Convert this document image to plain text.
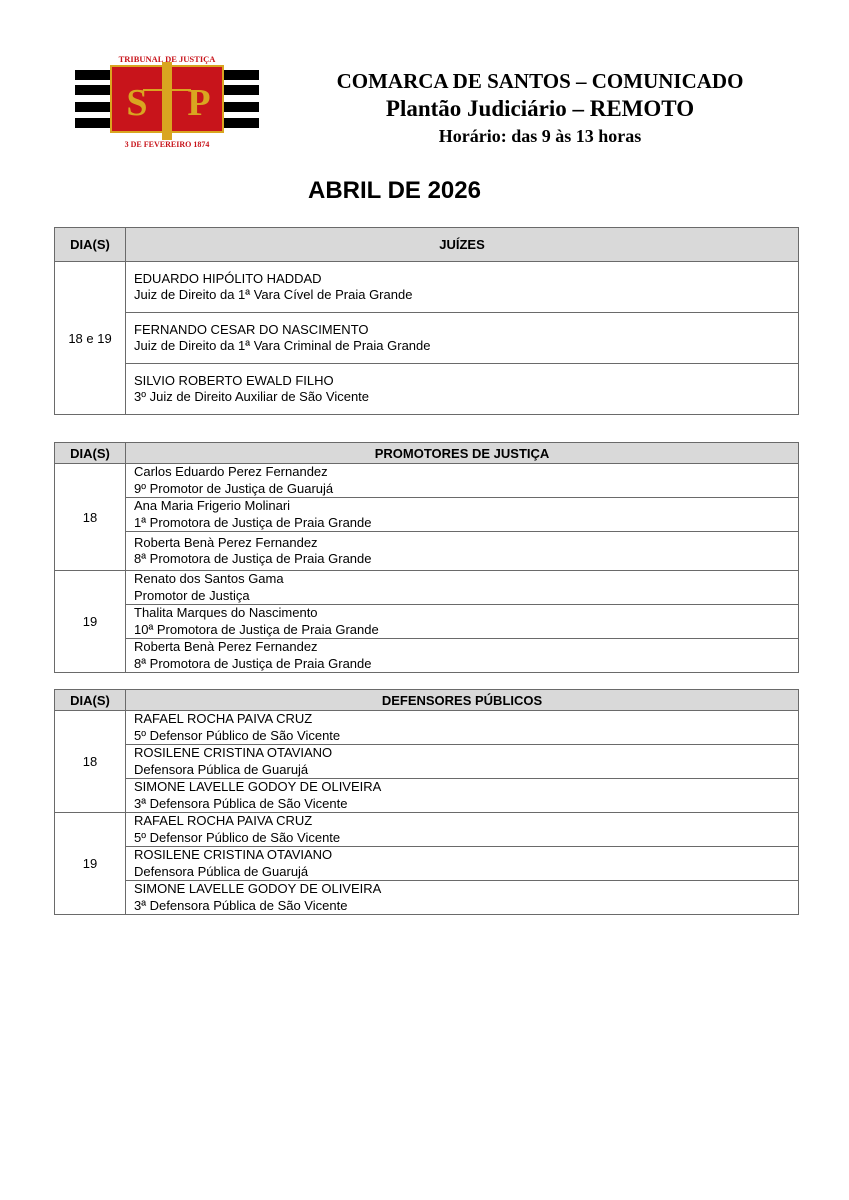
S P
TRIBUNAL DE JUSTIÇA
3 DE FEVEREIRO 1874
COMARCA DE SANTOS – COMUNICADO
Plantão Judiciário – REMOTO
Horário: das 9 às 13 horas
ABRIL DE 2026
DIA(S)	JUÍZES
18 e 19	EDUARDO HIPÓLITO HADDAD
Juiz de Direito da 1ª Vara Cível de Praia Grande

	FERNANDO CESAR DO NASCIMENTO
Juiz de Direito da 1ª Vara Criminal de Praia Grande

	SILVIO ROBERTO EWALD FILHO
3º Juiz de Direito Auxiliar de São Vicente
DIA(S)	PROMOTORES DE JUSTIÇA
18	Carlos Eduardo Perez Fernandez
9º Promotor de Justiça de Guarujá

	Ana Maria Frigerio Molinari
1ª Promotora de Justiça de Praia Grande

	Roberta Benà Perez Fernandez
8ª Promotora de Justiça de Praia Grande

19	Renato dos Santos Gama
Promotor de Justiça

	Thalita Marques do Nascimento
10ª Promotora de Justiça de Praia Grande

	Roberta Benà Perez Fernandez
8ª Promotora de Justiça de Praia Grande
DIA(S)	DEFENSORES PÚBLICOS
18	RAFAEL ROCHA PAIVA CRUZ
5º Defensor Público de São Vicente

	ROSILENE CRISTINA OTAVIANO
Defensora Pública de Guarujá

	SIMONE LAVELLE GODOY DE OLIVEIRA
3ª Defensora Pública de São Vicente

19	RAFAEL ROCHA PAIVA CRUZ
5º Defensor Público de São Vicente

	ROSILENE CRISTINA OTAVIANO
Defensora Pública de Guarujá

	SIMONE LAVELLE GODOY DE OLIVEIRA
3ª Defensora Pública de São Vicente
